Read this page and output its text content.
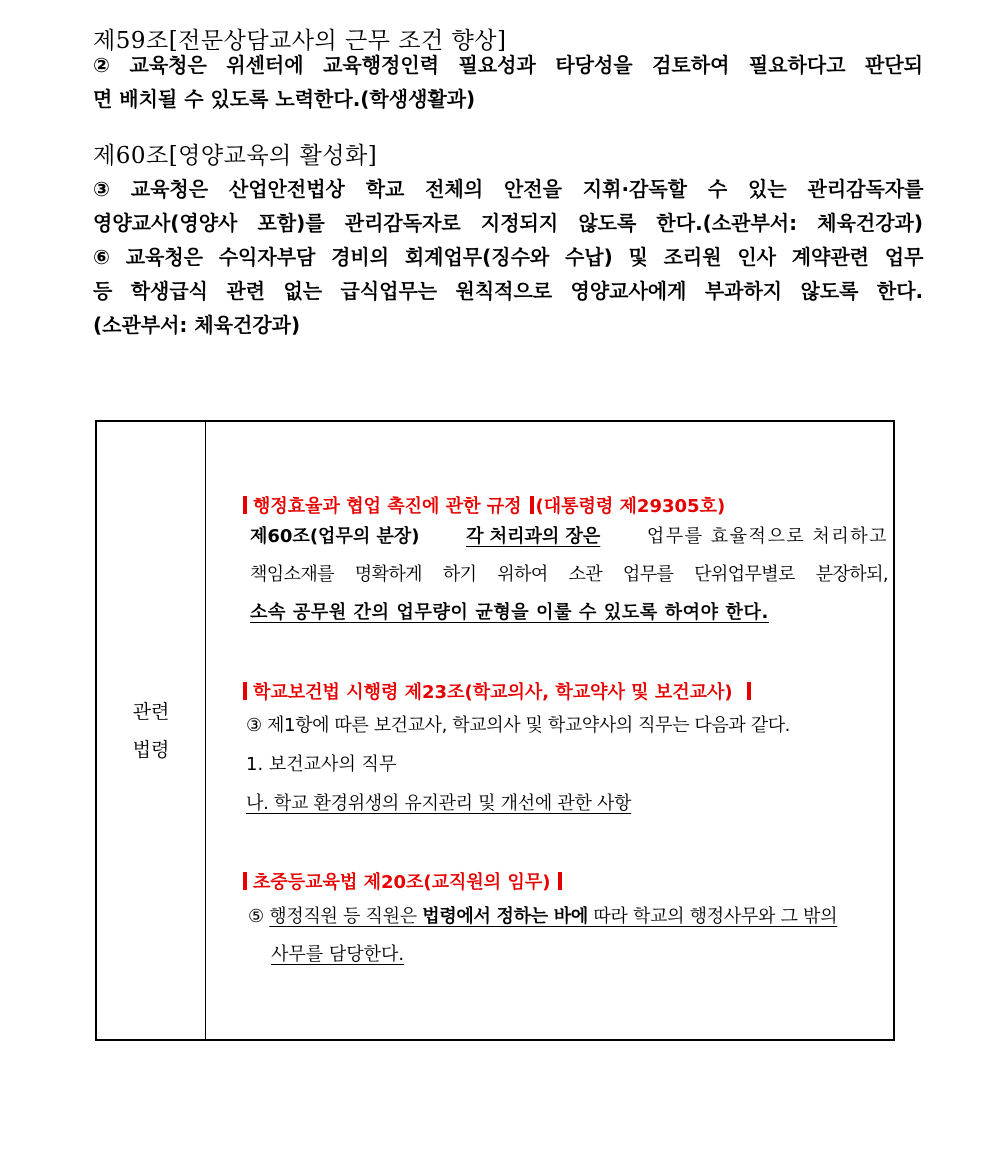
제59조[전문상담교사의 근무 조건 향상]
② 교육청은 위센터에 교육행정인력 필요성과 타당성을 검토하여 필요하다고 판단되
면 배치될 수 있도록 노력한다.(학생생활과)
제60조[영양교육의 활성화]
③ 교육청은 산업안전법상 학교 전체의 안전을 지휘·감독할 수 있는 관리감독자를
영양교사(영양사 포함)를 관리감독자로 지정되지 않도록 한다.(소관부서: 체육건강과)
⑥ 교육청은 수익자부담 경비의 회계업무(징수와 수납) 및 조리원 인사 계약관련 업무
등 학생급식 관련 없는 급식업무는 원칙적으로 영양교사에게 부과하지 않도록 한다.
(소관부서: 체육건강과)
관련
법령
행정효율과 협업 촉진에 관한 규정 (대통령령 제29305호)
제60조(업무의 분장)	각 처리과의 장은	업무를 효율적으로 처리하고
책임소재를 명확하게 하기 위하여 소관 업무를 단위업무별로 분장하되,
소속 공무원 간의 업무량이 균형을 이룰 수 있도록 하여야 한다.
학교보건법 시행령 제23조(학교의사, 학교약사 및 보건교사)
③ 제1항에 따른 보건교사, 학교의사 및 학교약사의 직무는 다음과 같다.
1. 보건교사의 직무
나. 학교 환경위생의 유지관리 및 개선에 관한 사항
초중등교육법 제20조(교직원의 임무)
⑤ 행정직원 등 직원은 법령에서 정하는 바에 따라 학교의 행정사무와 그 밖의
사무를 담당한다.
